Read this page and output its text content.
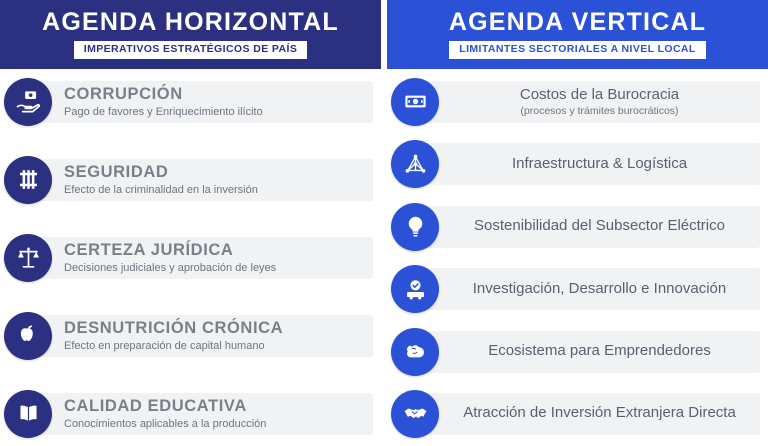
AGENDA HORIZONTAL
IMPERATIVOS ESTRATÉGICOS DE PAÍS
CORRUPCIÓN
Pago de favores y Enriquecimiento ilícito
SEGURIDAD
Efecto de la criminalidad en la inversión
CERTEZA JURÍDICA
Decisiones judiciales y aprobación de leyes
DESNUTRICIÓN CRÓNICA
Efecto en preparación de capital humano
CALIDAD EDUCATIVA
Conocimientos aplicables a la producción
AGENDA VERTICAL
LIMITANTES SECTORIALES A NIVEL LOCAL
Costos de la Burocracia
(procesos y trámites burocráticos)
Infraestructura & Logística
Sostenibilidad del Subsector Eléctrico
Investigación, Desarrollo e Innovación
Ecosistema para Emprendedores
Atracción de Inversión Extranjera Directa
